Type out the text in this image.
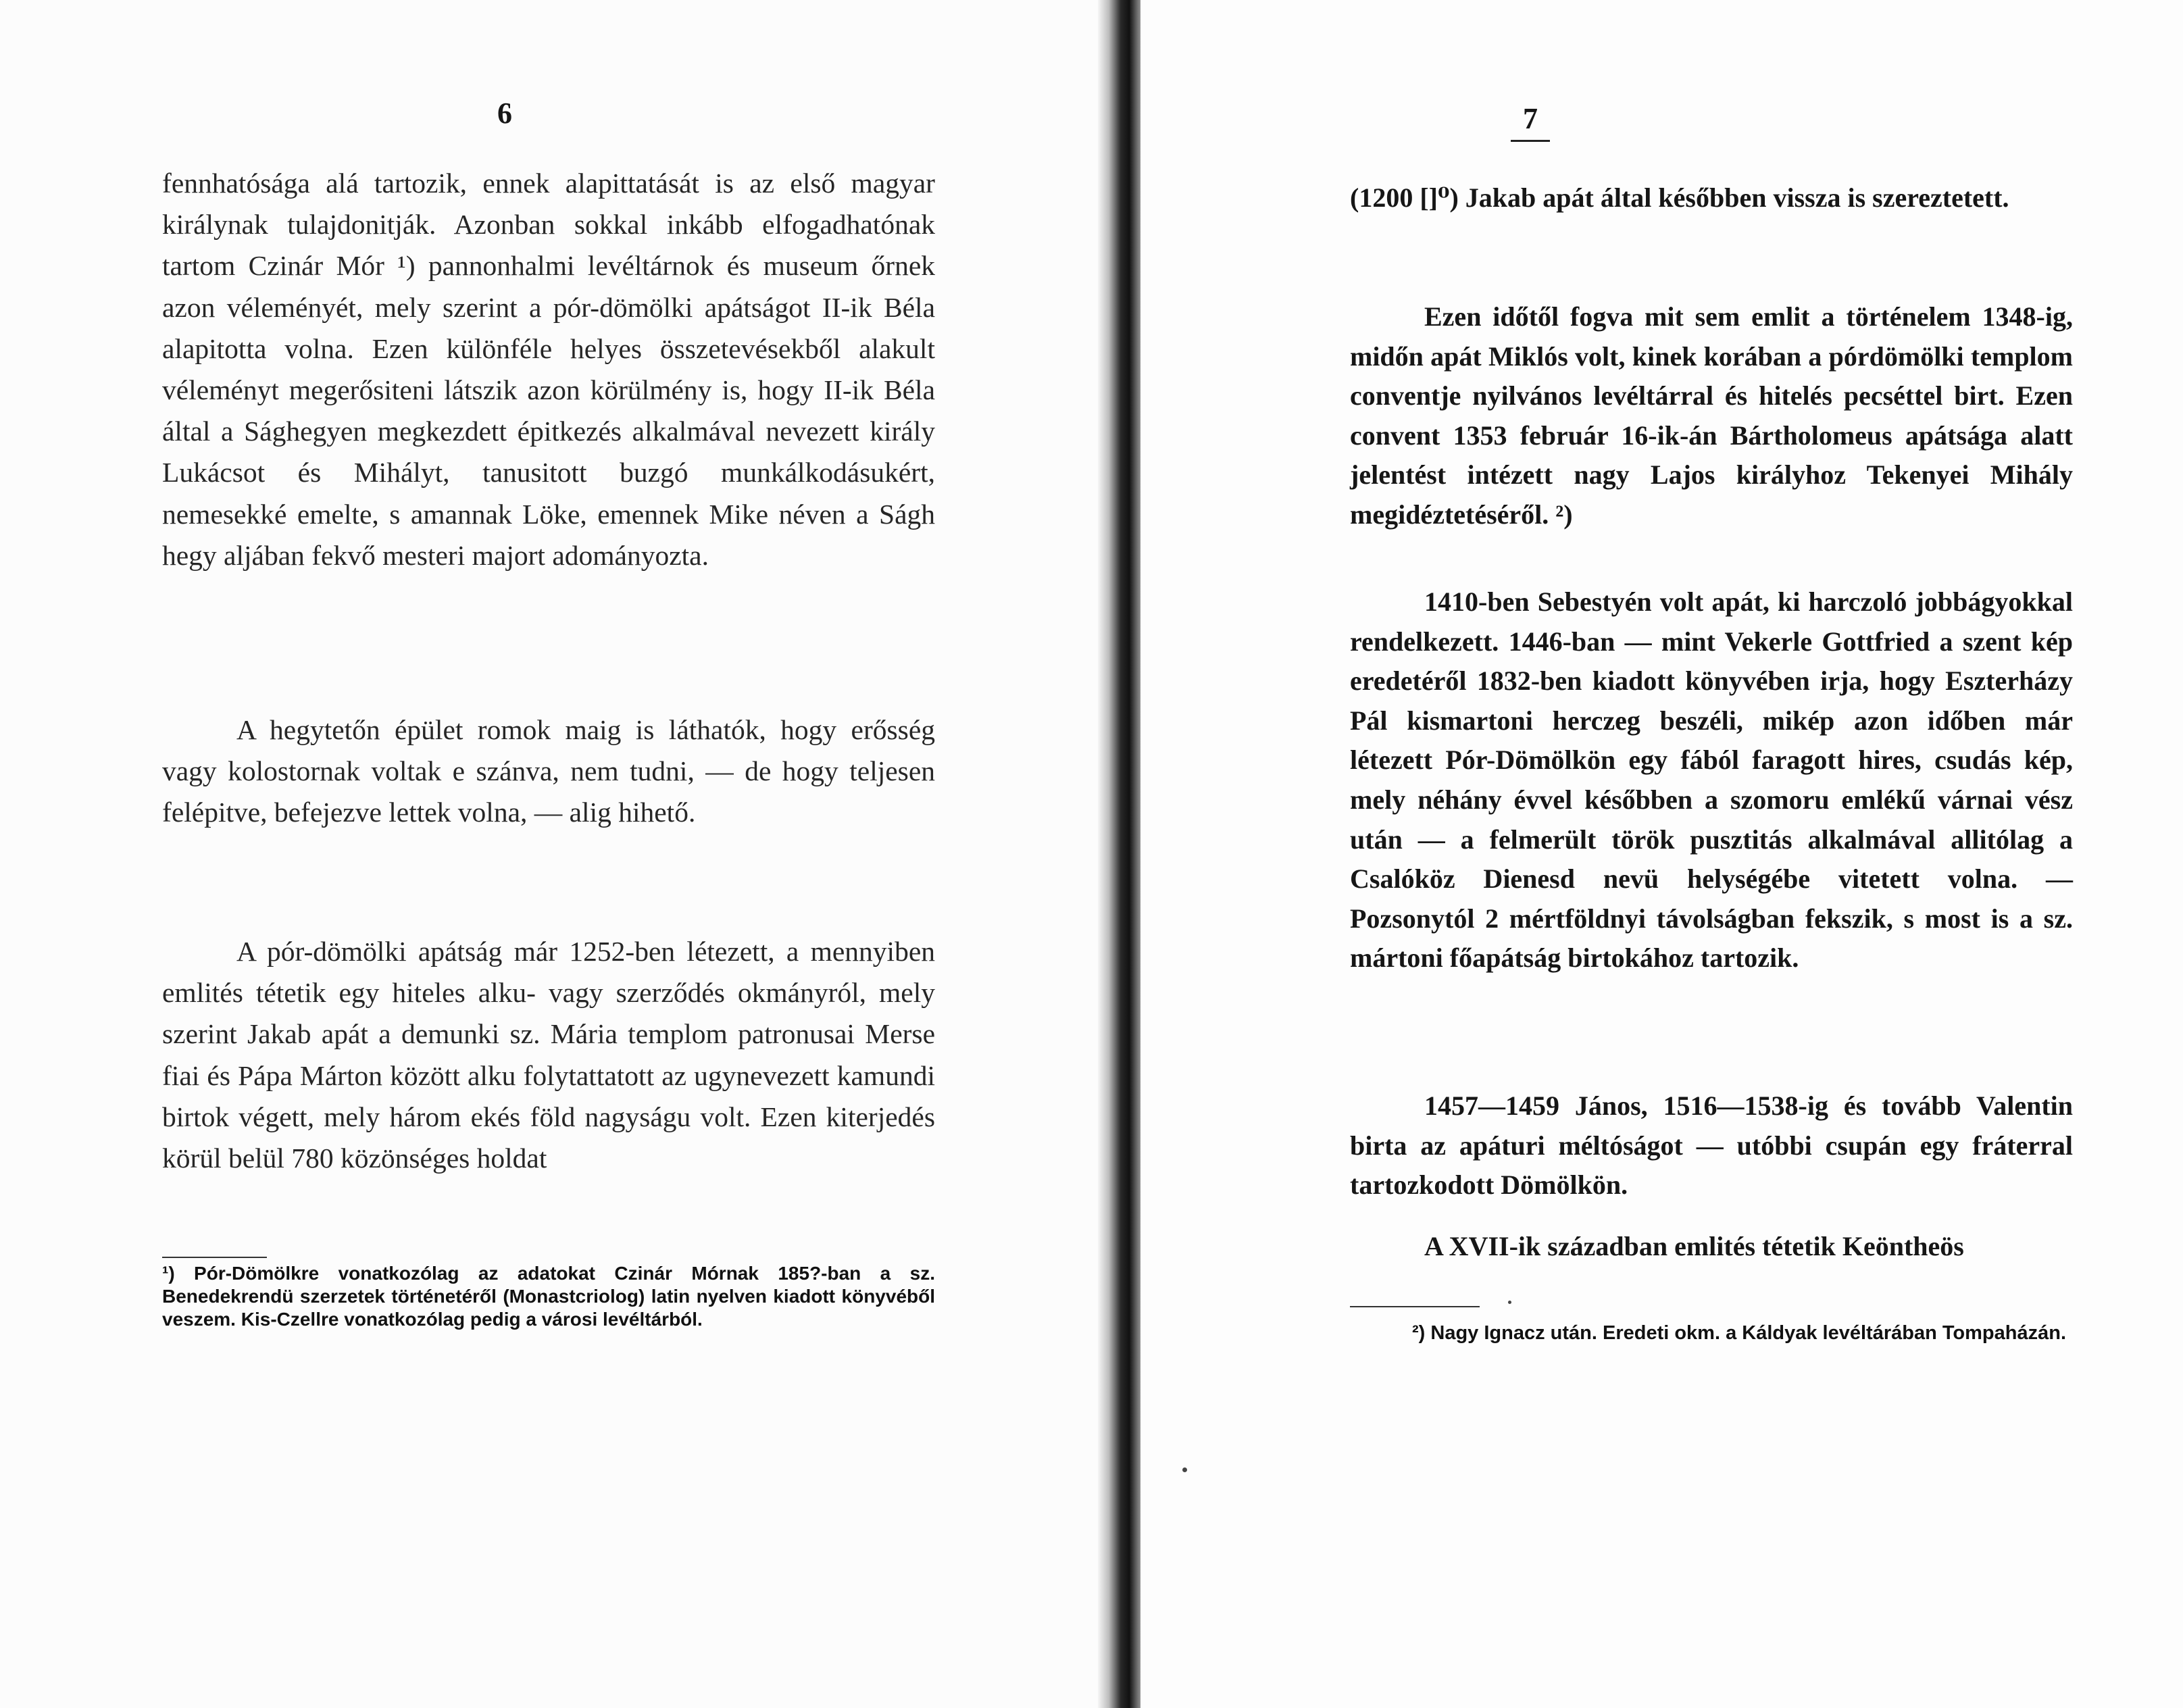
6

fennhatósága alá tartozik, ennek alapittatását is az első magyar királynak tulajdonitják. Azonban sokkal inkább elfogadhatónak tartom Czinár Mór ¹) pannonhalmi levéltárnok és museum őrnek azon véleményét, mely szerint a pór-dömölki apátságot II-ik Béla alapitotta volna. Ezen különféle helyes összetevésekből alakult véleményt megerősiteni látszik azon körülmény is, hogy II-ik Béla által a Sághegyen megkezdett épitkezés alkalmával nevezett király Lukácsot és Mihályt, tanusitott buzgó munkálkodásukért, nemesekké emelte, s amannak Löke, emennek Mike néven a Ságh hegy aljában fekvő mesteri majort adományozta.

A hegytetőn épület romok maig is láthatók, hogy erősség vagy kolostornak voltak e szánva, nem tudni, — de hogy teljesen felépitve, befejezve lettek volna, — alig hihető.

A pór-dömölki apátság már 1252-ben létezett, a mennyiben emlités tétetik egy hiteles alku- vagy szerződés okmányról, mely szerint Jakab apát a demunki sz. Mária templom patronusai Merse fiai és Pápa Márton között alku folytattatott az ugynevezett kamundi birtok végett, mely három ekés föld nagyságu volt. Ezen kiterjedés körül belül 780 közönséges holdat

¹) Pór-Dömölkre vonatkozólag az adatokat Czinár Mórnak 185?-ban a sz. Benedekrendü szerzetek történetéről (Monastcriolog) latin nyelven kiadott könyvéből veszem. Kis-Czellre vonatkozólag pedig a városi levéltárból.

7

(1200 []⁰) Jakab apát által későbben vissza is szereztetett.

Ezen időtől fogva mit sem emlit a történelem 1348-ig, midőn apát Miklós volt, kinek korában a pórdömölki templom conventje nyilvános levéltárral és hitelés pecséttel birt. Ezen convent 1353 február 16-ik-án Bártholomeus apátsága alatt jelentést intézett nagy Lajos királyhoz Tekenyei Mihály megidéztetéséről. ²)

1410-ben Sebestyén volt apát, ki harczoló jobbágyokkal rendelkezett. 1446-ban — mint Vekerle Gottfried a szent kép eredetéről 1832-ben kiadott könyvében irja, hogy Eszterházy Pál kismartoni herczeg beszéli, mikép azon időben már létezett Pór-Dömölkön egy fából faragott hires, csudás kép, mely néhány évvel későbben a szomoru emlékű várnai vész után — a felmerült török pusztitás alkalmával allitólag a Csalóköz Dienesd nevü helységébe vitetett volna. — Pozsonytól 2 mértföldnyi távolságban fekszik, s most is a sz. mártoni főapátság birtokához tartozik.

1457—1459 János, 1516—1538-ig és tovább Valentin birta az apáturi méltóságot — utóbbi csupán egy fráterral tartozkodott Dömölkön.

A XVII-ik században emlités tétetik Keöntheös

²) Nagy Ignacz után. Eredeti okm. a Káldyak levéltárában Tompaházán.
